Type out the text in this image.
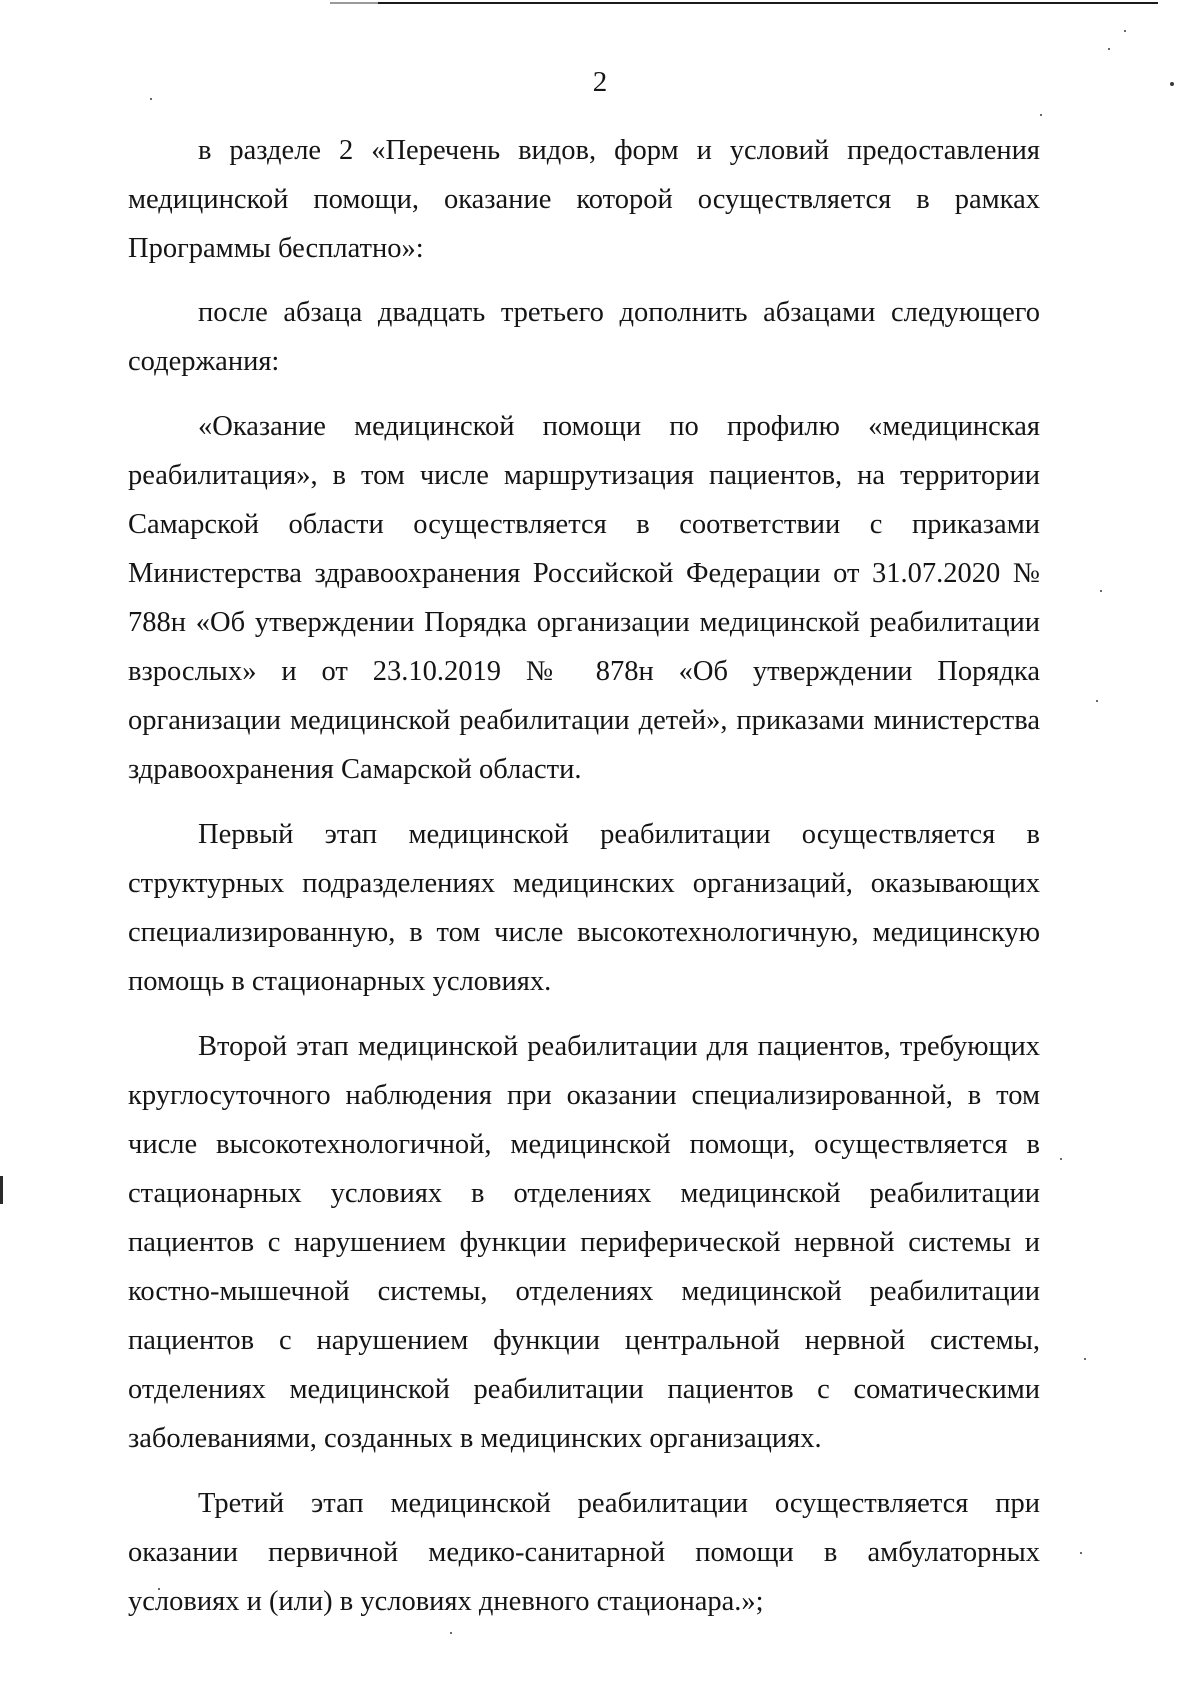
2

в разделе 2 «Перечень видов, форм и условий предоставления медицинской помощи, оказание которой осуществляется в рамках Программы бесплатно»:

после абзаца двадцать третьего дополнить абзацами следующего содержания:

«Оказание медицинской помощи по профилю «медицинская реабилитация», в том числе маршрутизация пациентов, на территории Самарской области осуществляется в соответствии с приказами Министерства здравоохранения Российской Федерации от 31.07.2020 № 788н «Об утверждении Порядка организации медицинской реабилитации взрослых» и от 23.10.2019 № 878н «Об утверждении Порядка организации медицинской реабилитации детей», приказами министерства здравоохранения Самарской области.

Первый этап медицинской реабилитации осуществляется в структурных подразделениях медицинских организаций, оказывающих специализированную, в том числе высокотехнологичную, медицинскую помощь в стационарных условиях.

Второй этап медицинской реабилитации для пациентов, требующих круглосуточного наблюдения при оказании специализированной, в том числе высокотехнологичной, медицинской помощи, осуществляется в стационарных условиях в отделениях медицинской реабилитации пациентов с нарушением функции периферической нервной системы и костно-мышечной системы, отделениях медицинской реабилитации пациентов с нарушением функции центральной нервной системы, отделениях медицинской реабилитации пациентов с соматическими заболеваниями, созданных в медицинских организациях.

Третий этап медицинской реабилитации осуществляется при оказании первичной медико-санитарной помощи в амбулаторных условиях и (или) в условиях дневного стационара.»;
